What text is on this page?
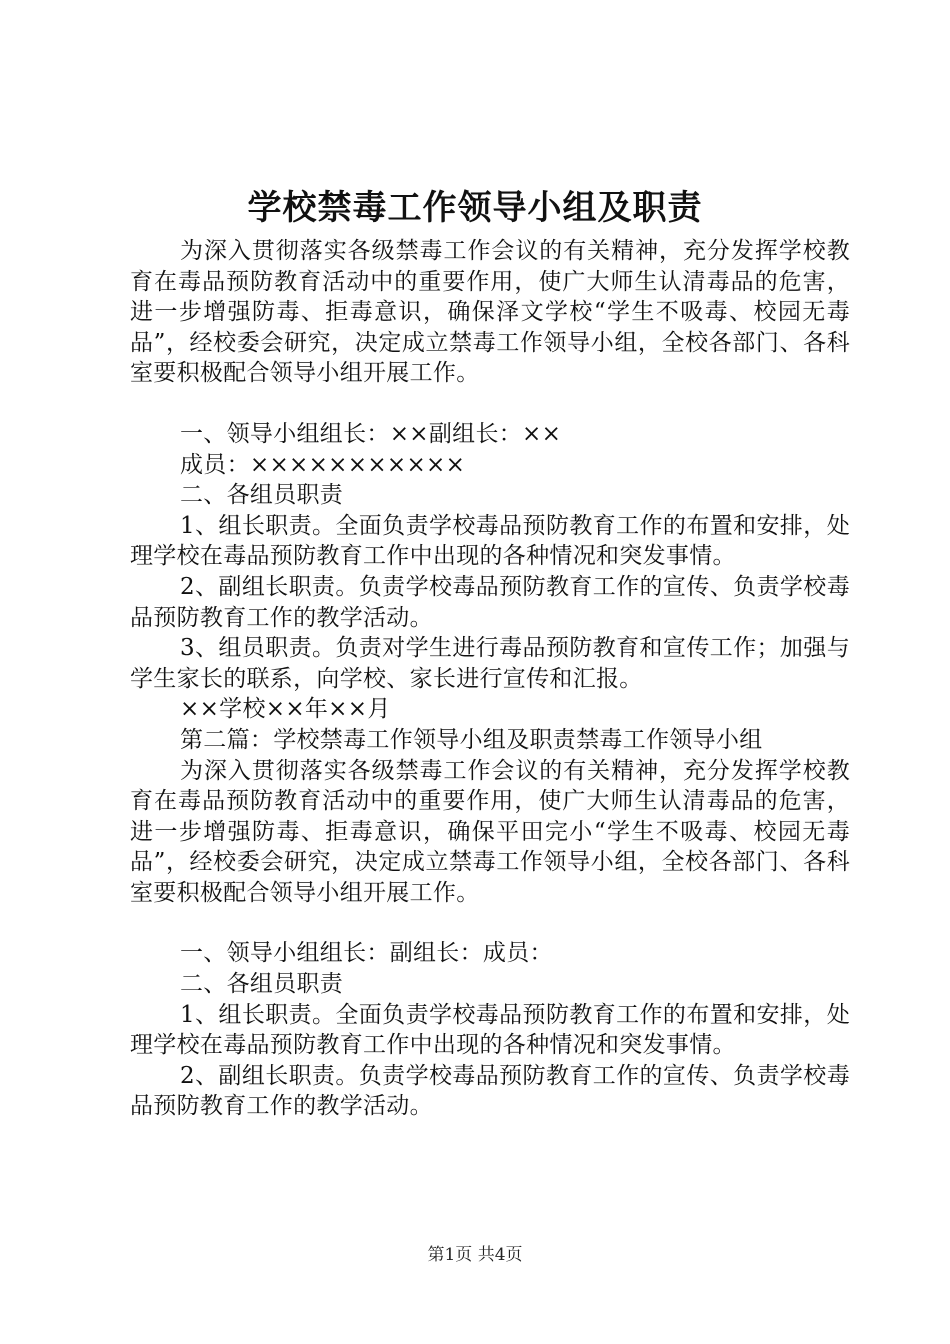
学校禁毒工作领导小组及职责

为深入贯彻落实各级禁毒工作会议的有关精神，充分发挥学校教育在毒品预防教育活动中的重要作用，使广大师生认清毒品的危害，进一步增强防毒、拒毒意识，确保泽文学校“学生不吸毒、校园无毒品”，经校委会研究，决定成立禁毒工作领导小组，全校各部门、各科室要积极配合领导小组开展工作。

一、领导小组组长：××副组长：××

成员：×××××××××××

二、各组员职责

1、组长职责。全面负责学校毒品预防教育工作的布置和安排，处理学校在毒品预防教育工作中出现的各种情况和突发事情。

2、副组长职责。负责学校毒品预防教育工作的宣传、负责学校毒品预防教育工作的教学活动。

3、组员职责。负责对学生进行毒品预防教育和宣传工作；加强与学生家长的联系，向学校、家长进行宣传和汇报。

××学校××年××月

第二篇：学校禁毒工作领导小组及职责禁毒工作领导小组

为深入贯彻落实各级禁毒工作会议的有关精神，充分发挥学校教育在毒品预防教育活动中的重要作用，使广大师生认清毒品的危害，进一步增强防毒、拒毒意识，确保平田完小“学生不吸毒、校园无毒品”，经校委会研究，决定成立禁毒工作领导小组，全校各部门、各科室要积极配合领导小组开展工作。

一、领导小组组长：副组长：成员：

二、各组员职责

1、组长职责。全面负责学校毒品预防教育工作的布置和安排，处理学校在毒品预防教育工作中出现的各种情况和突发事情。

2、副组长职责。负责学校毒品预防教育工作的宣传、负责学校毒品预防教育工作的教学活动。

第1页 共4页
